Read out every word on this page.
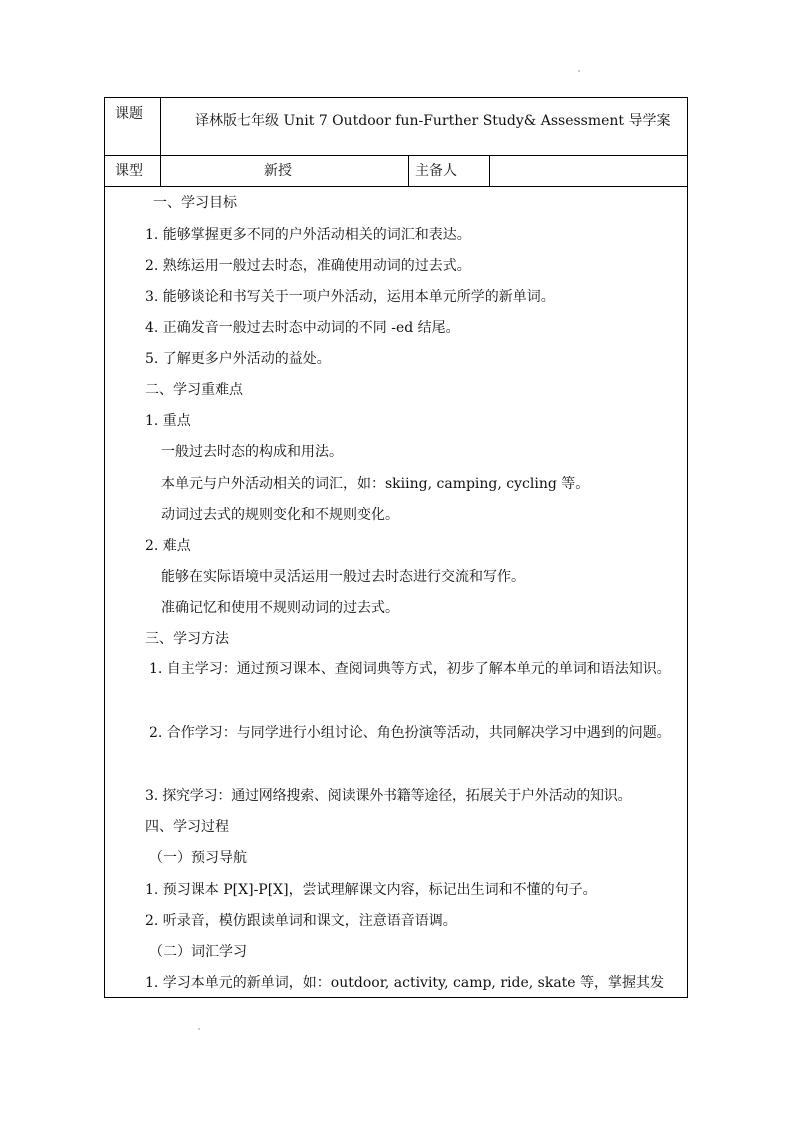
课题	译林版七年级 Unit 7 Outdoor fun-Further Study& Assessment 导学案
课型	新授	主备人

一、学习目标

1. 能够掌握更多不同的户外活动相关的词汇和表达。

2. 熟练运用一般过去时态，准确使用动词的过去式。

3. 能够谈论和书写关于一项户外活动，运用本单元所学的新单词。

4. 正确发音一般过去时态中动词的不同 -ed 结尾。

5. 了解更多户外活动的益处。

二、学习重难点

1. 重点

一般过去时态的构成和用法。

本单元与户外活动相关的词汇，如：skiing, camping, cycling 等。

动词过去式的规则变化和不规则变化。

2. 难点

能够在实际语境中灵活运用一般过去时态进行交流和写作。

准确记忆和使用不规则动词的过去式。

三、学习方法

1. 自主学习：通过预习课本、查阅词典等方式，初步了解本单元的单词和语法知识。

2. 合作学习：与同学进行小组讨论、角色扮演等活动，共同解决学习中遇到的问题。

3. 探究学习：通过网络搜索、阅读课外书籍等途径，拓展关于户外活动的知识。

四、学习过程

（一）预习导航

1. 预习课本 P[X]-P[X]，尝试理解课文内容，标记出生词和不懂的句子。

2. 听录音，模仿跟读单词和课文，注意语音语调。

（二）词汇学习

1. 学习本单元的新单词，如：outdoor, activity, camp, ride, skate 等，掌握其发
